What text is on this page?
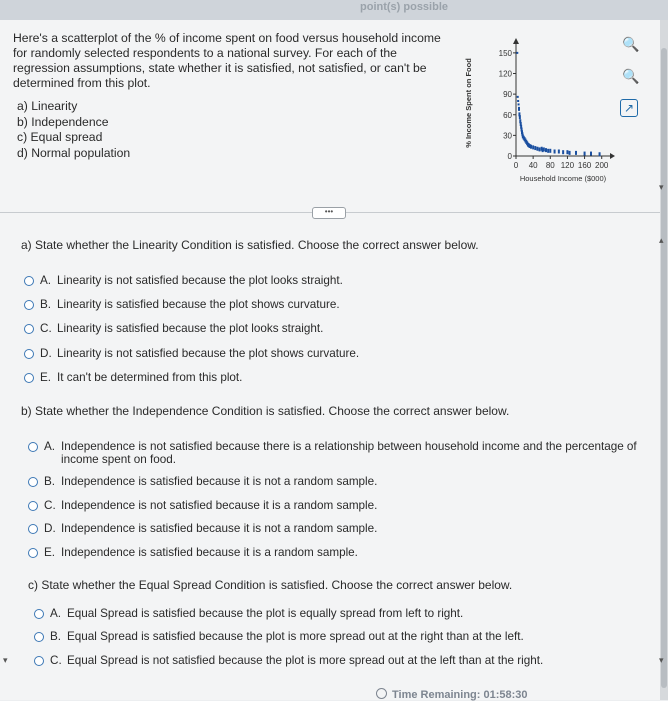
point(s) possible
▾
▴
▾	▾
Here's a scatterplot of the % of income spent on food versus household income for randomly selected respondents to a national survey. For each of the regression assumptions, state whether it is satisfied, not satisfied, or can't be determined from this plot.
a) Linearity
b) Independence
c) Equal spread
d) Normal population
% Income Spent on Food
0
30
60
90
120
150
0 40 80 120 160 200
Household Income ($000)
🔍
🔍
↗
•••
a) State whether the Linearity Condition is satisfied. Choose the correct answer below.
A. Linearity is not satisfied because the plot looks straight.
B. Linearity is satisfied because the plot shows curvature.
C. Linearity is satisfied because the plot looks straight.
D. Linearity is not satisfied because the plot shows curvature.
E. It can't be determined from this plot.
b) State whether the Independence Condition is satisfied. Choose the correct answer below.
A. Independence is not satisfied because there is a relationship between household income and the percentage of income spent on food.
B. Independence is satisfied because it is not a random sample.
C. Independence is not satisfied because it is a random sample.
D. Independence is satisfied because it is not a random sample.
E. Independence is satisfied because it is a random sample.
c) State whether the Equal Spread Condition is satisfied. Choose the correct answer below.
A. Equal Spread is satisfied because the plot is equally spread from left to right.
B. Equal Spread is satisfied because the plot is more spread out at the right than at the left.
C. Equal Spread is not satisfied because the plot is more spread out at the left than at the right.
Time Remaining: 01:58:30
